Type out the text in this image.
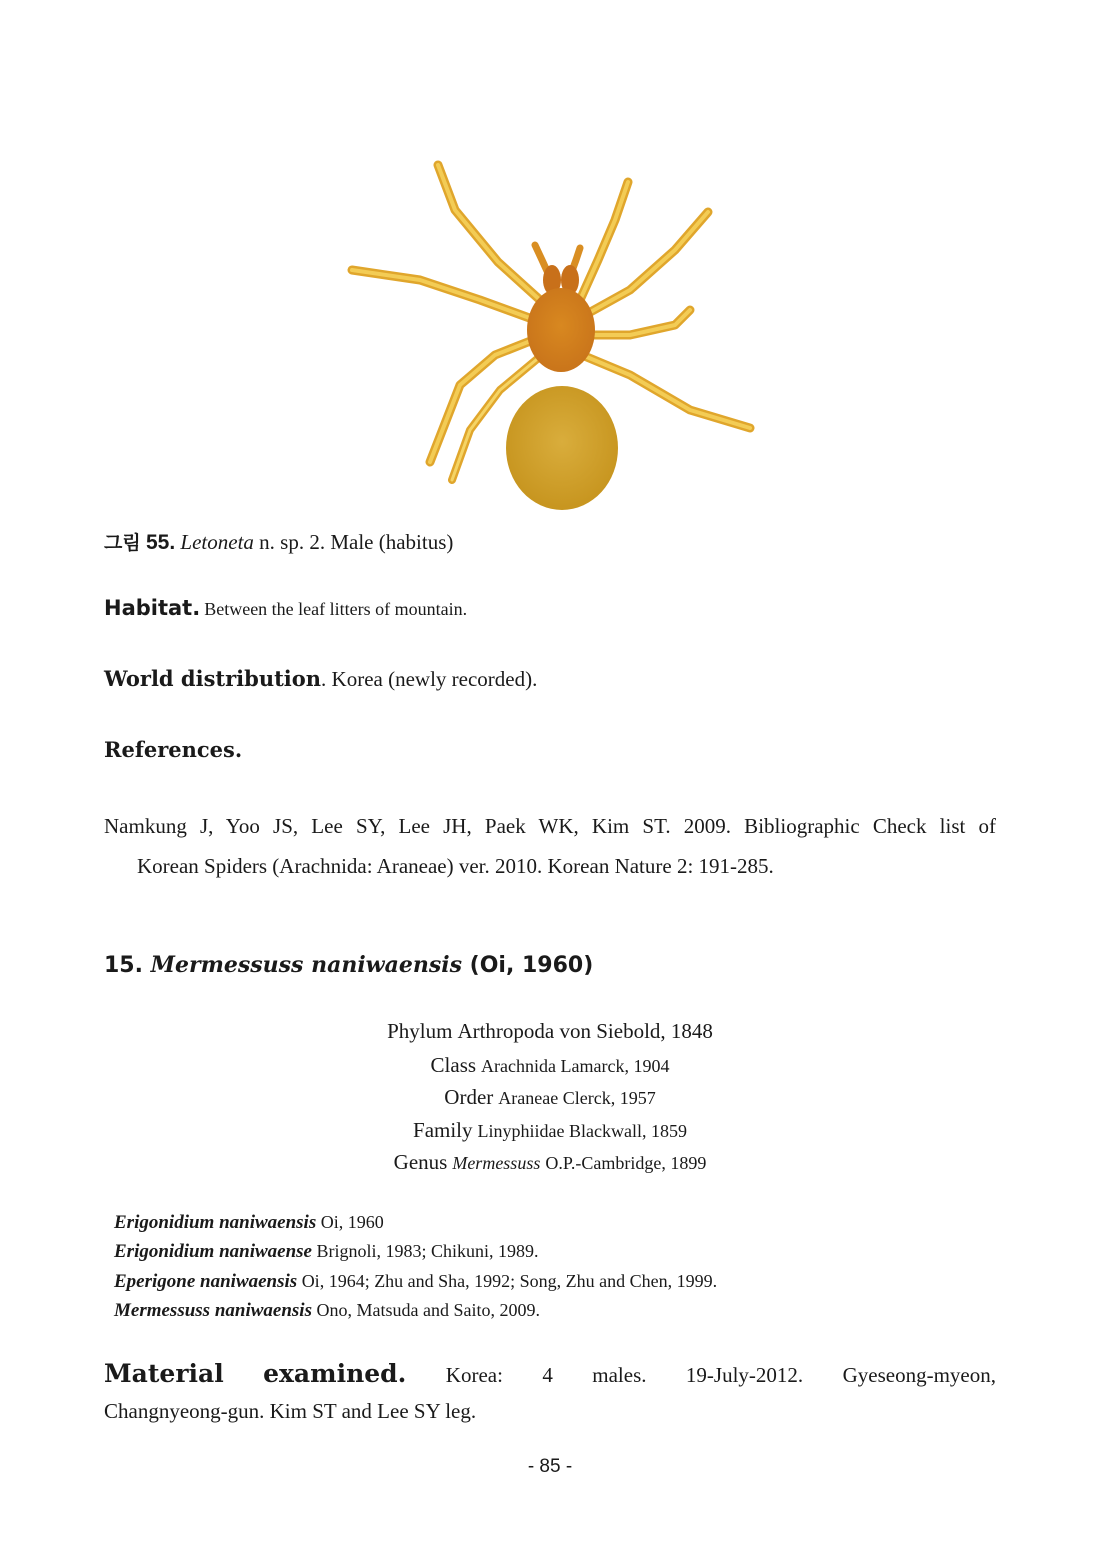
그림 55. Letoneta n. sp. 2. Male (habitus)
Habitat. Between the leaf litters of mountain.
World distribution. Korea (newly recorded).
References.
Namkung J, Yoo JS, Lee SY, Lee JH, Paek WK, Kim ST. 2009. Bibliographic Check list of
Korean Spiders (Arachnida: Araneae) ver. 2010. Korean Nature 2: 191-285.
15. Mermessuss naniwaensis (Oi, 1960)
Phylum Arthropoda von Siebold, 1848
Class Arachnida Lamarck, 1904
Order Araneae Clerck, 1957
Family Linyphiidae Blackwall, 1859
Genus Mermessuss O.P.-Cambridge, 1899
Erigonidium naniwaensis Oi, 1960
Erigonidium naniwaense Brignoli, 1983; Chikuni, 1989.
Eperigone naniwaensis Oi, 1964; Zhu and Sha, 1992; Song, Zhu and Chen, 1999.
Mermessuss naniwaensis Ono, Matsuda and Saito, 2009.
Material examined. Korea: 4 males. 19-July-2012. Gyeseong-myeon,
Changnyeong-gun. Kim ST and Lee SY leg.
- 85 -
